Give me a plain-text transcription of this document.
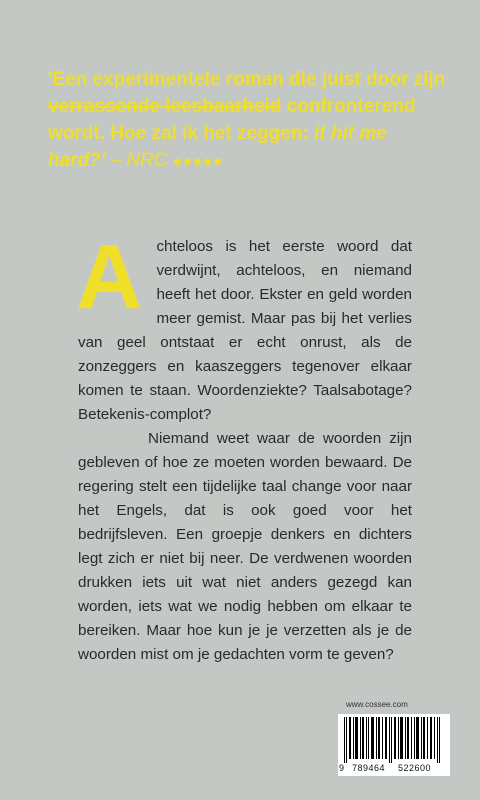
'Een experimentele roman die juist door zijn verrassende leesbaarheid confronterend wordt. Hoe zal ik het zeggen: it hit me hard?' – NRC ●●●●●

Achteloos is het eerste woord dat verdwijnt, achteloos, en niemand heeft het door. Ekster en geld worden meer gemist. Maar pas bij het verlies van geel ontstaat er echt onrust, als de zonzeggers en kaaszeggers tegenover elkaar komen te staan. Woordenziekte? Taalsabotage? Betekenis-complot?

Niemand weet waar de woorden zijn gebleven of hoe ze moeten worden bewaard. De regering stelt een tijdelijke taal change voor naar het Engels, dat is ook goed voor het bedrijfsleven. Een groepje denkers en dichters legt zich er niet bij neer. De verdwenen woorden drukken iets uit wat niet anders gezegd kan worden, iets wat we nodig hebben om elkaar te bereiken. Maar hoe kun je je verzetten als je de woorden mist om je gedachten vorm te geven?

www.cossee.com
9 789464 522600
